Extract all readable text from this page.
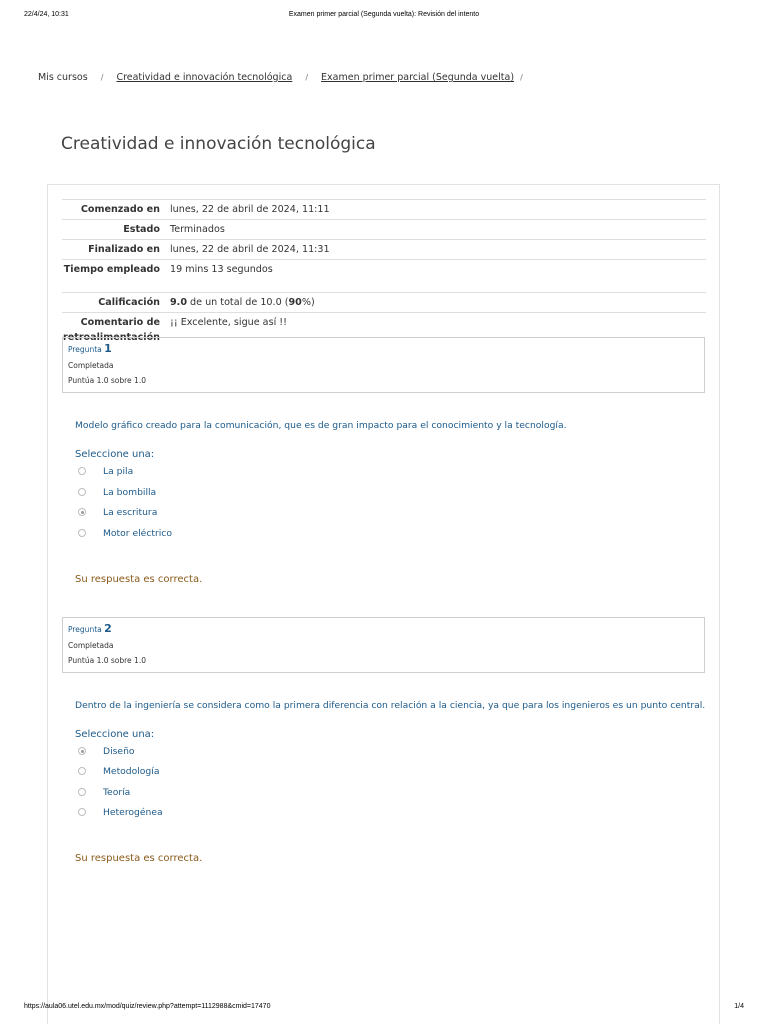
22/4/24, 10:31	Examen primer parcial (Segunda vuelta): Revisión del intento
Mis cursos / Creatividad e innovación tecnológica / Examen primer parcial (Segunda vuelta) /
Creatividad e innovación tecnológica
Comenzado en	lunes, 22 de abril de 2024, 11:11
Estado	Terminados
Finalizado en	lunes, 22 de abril de 2024, 11:31
Tiempo empleado	19 mins 13 segundos
Calificación	9.0 de un total de 10.0 (90%)
Comentario de retroalimentación	¡¡ Excelente, sigue así !!
Pregunta 1
Completada
Puntúa 1.0 sobre 1.0
Modelo gráfico creado para la comunicación, que es de gran impacto para el conocimiento y la tecnología.
Seleccione una:
La pila
La bombilla
La escritura
Motor eléctrico
Su respuesta es correcta.
Pregunta 2
Completada
Puntúa 1.0 sobre 1.0
Dentro de la ingeniería se considera como la primera diferencia con relación a la ciencia, ya que para los ingenieros es un punto central.
Seleccione una:
Diseño
Metodología
Teoría
Heterogénea
Su respuesta es correcta.
https://aula06.utel.edu.mx/mod/quiz/review.php?attempt=1112988&cmid=17470	1/4
